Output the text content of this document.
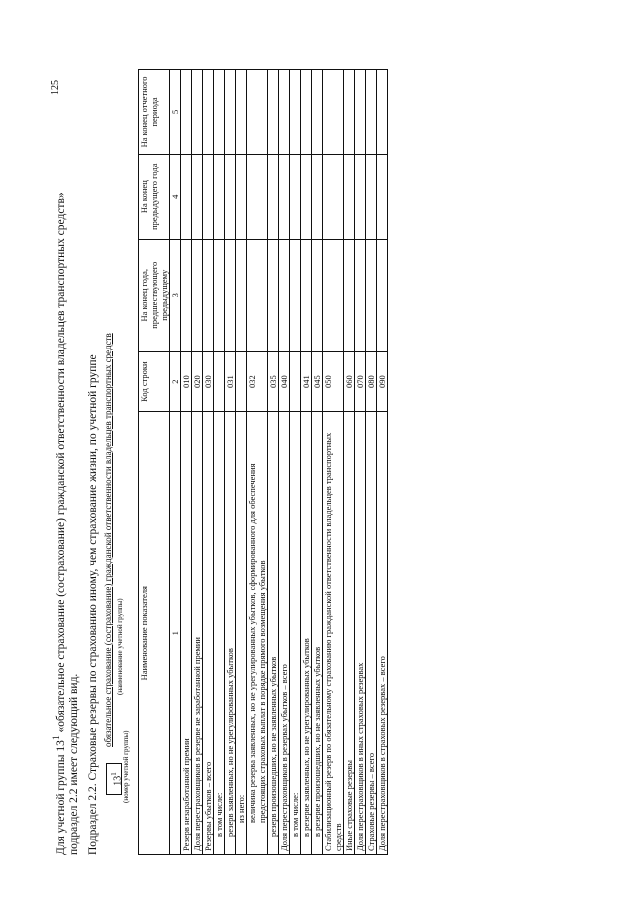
125

Для учетной группы $13^1$ «обязательное страхование (сострахование) гражданской ответственности владельцев транспортных средств»

подраздел 2.2 имеет следующий вид. Подраздел 2.2. Страховые резервы по страхованию иному, чем страхование жизни, по учетной группе	$13^1$ (номер учетной группы)
обязательное страхование (сострахование) гражданской ответственности владельцев транспортных средств (наименование учетной группы) Наименование показателя	Код строки	На конец года, предшествующего предыдущему	На конец предыдущего года	На конец отчетного периода
1	2	3	4	5
Резерв незаработанной премии	010			
Доля перестраховщиков в резерве не заработанной премии	020			
Резервы убытков – всего	030			
в том числе:				
резерв заявленных, но не урегулированных убытков	031			
из него:				
величина резерва заявленных, но не урегулированных убытков, сформированного для обеспечения предстоящих страховых выплат в порядке прямого возмещения убытков	032			
резерв произошедших, но не заявленных убытков	035			
Доля перестраховщиков в резервах убытков – всего	040			
в том числе:				
в резерве заявленных, но не урегулированных убытков	041			
в резерве произошедших, но не заявленных убытков	045			
Стабилизационный резерв по обязательному страхованию гражданской ответственности владельцев транспортных средств	050			
Иные страховые резервы	060			
Доля перестраховщиков в иных страховых резервах	070			
Страховые резервы – всего	080			
Доля перестраховщиков в страховых резервах – всего	090			
